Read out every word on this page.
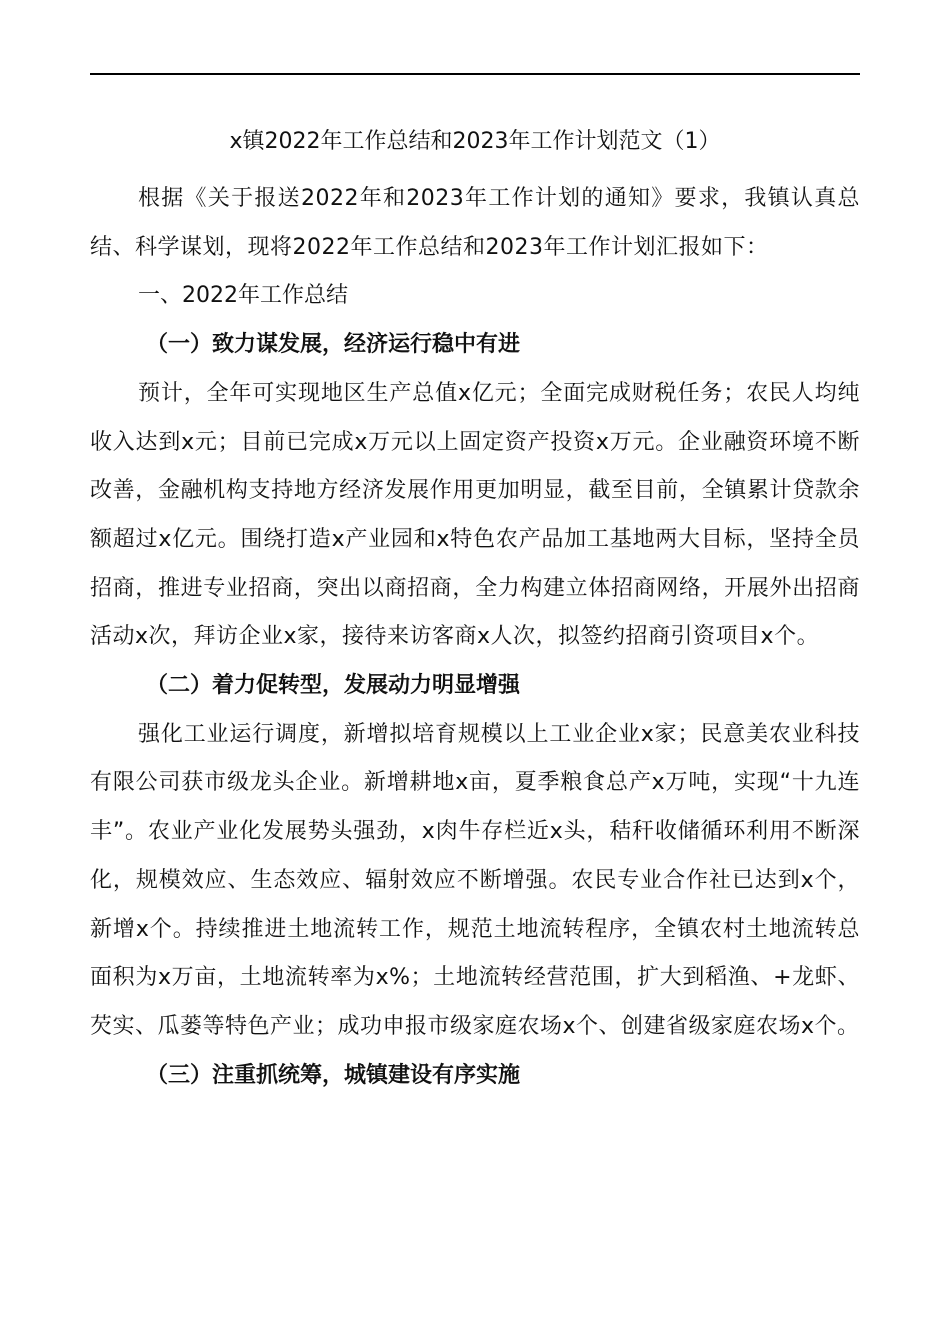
x镇2022年工作总结和2023年工作计划范文（1）

根据《关于报送2022年和2023年工作计划的通知》要求，我镇认真总结、科学谋划，现将2022年工作总结和2023年工作计划汇报如下：

一、2022年工作总结

（一）致力谋发展，经济运行稳中有进

预计，全年可实现地区生产总值x亿元；全面完成财税任务；农民人均纯收入达到x元；目前已完成x万元以上固定资产投资x万元。企业融资环境不断改善，金融机构支持地方经济发展作用更加明显，截至目前，全镇累计贷款余额超过x亿元。围绕打造x产业园和x特色农产品加工基地两大目标，坚持全员招商，推进专业招商，突出以商招商，全力构建立体招商网络，开展外出招商活动x次，拜访企业x家，接待来访客商x人次，拟签约招商引资项目x个。

（二）着力促转型，发展动力明显增强

强化工业运行调度，新增拟培育规模以上工业企业x家；民意美农业科技有限公司获市级龙头企业。新增耕地x亩，夏季粮食总产x万吨，实现“十九连丰”。农业产业化发展势头强劲，x肉牛存栏近x头，秸秆收储循环利用不断深化，规模效应、生态效应、辐射效应不断增强。农民专业合作社已达到x个，新增x个。持续推进土地流转工作，规范土地流转程序，全镇农村土地流转总面积为x万亩，土地流转率为x%；土地流转经营范围，扩大到稻渔、+龙虾、芡实、瓜蒌等特色产业；成功申报市级家庭农场x个、创建省级家庭农场x个。

（三）注重抓统筹，城镇建设有序实施
